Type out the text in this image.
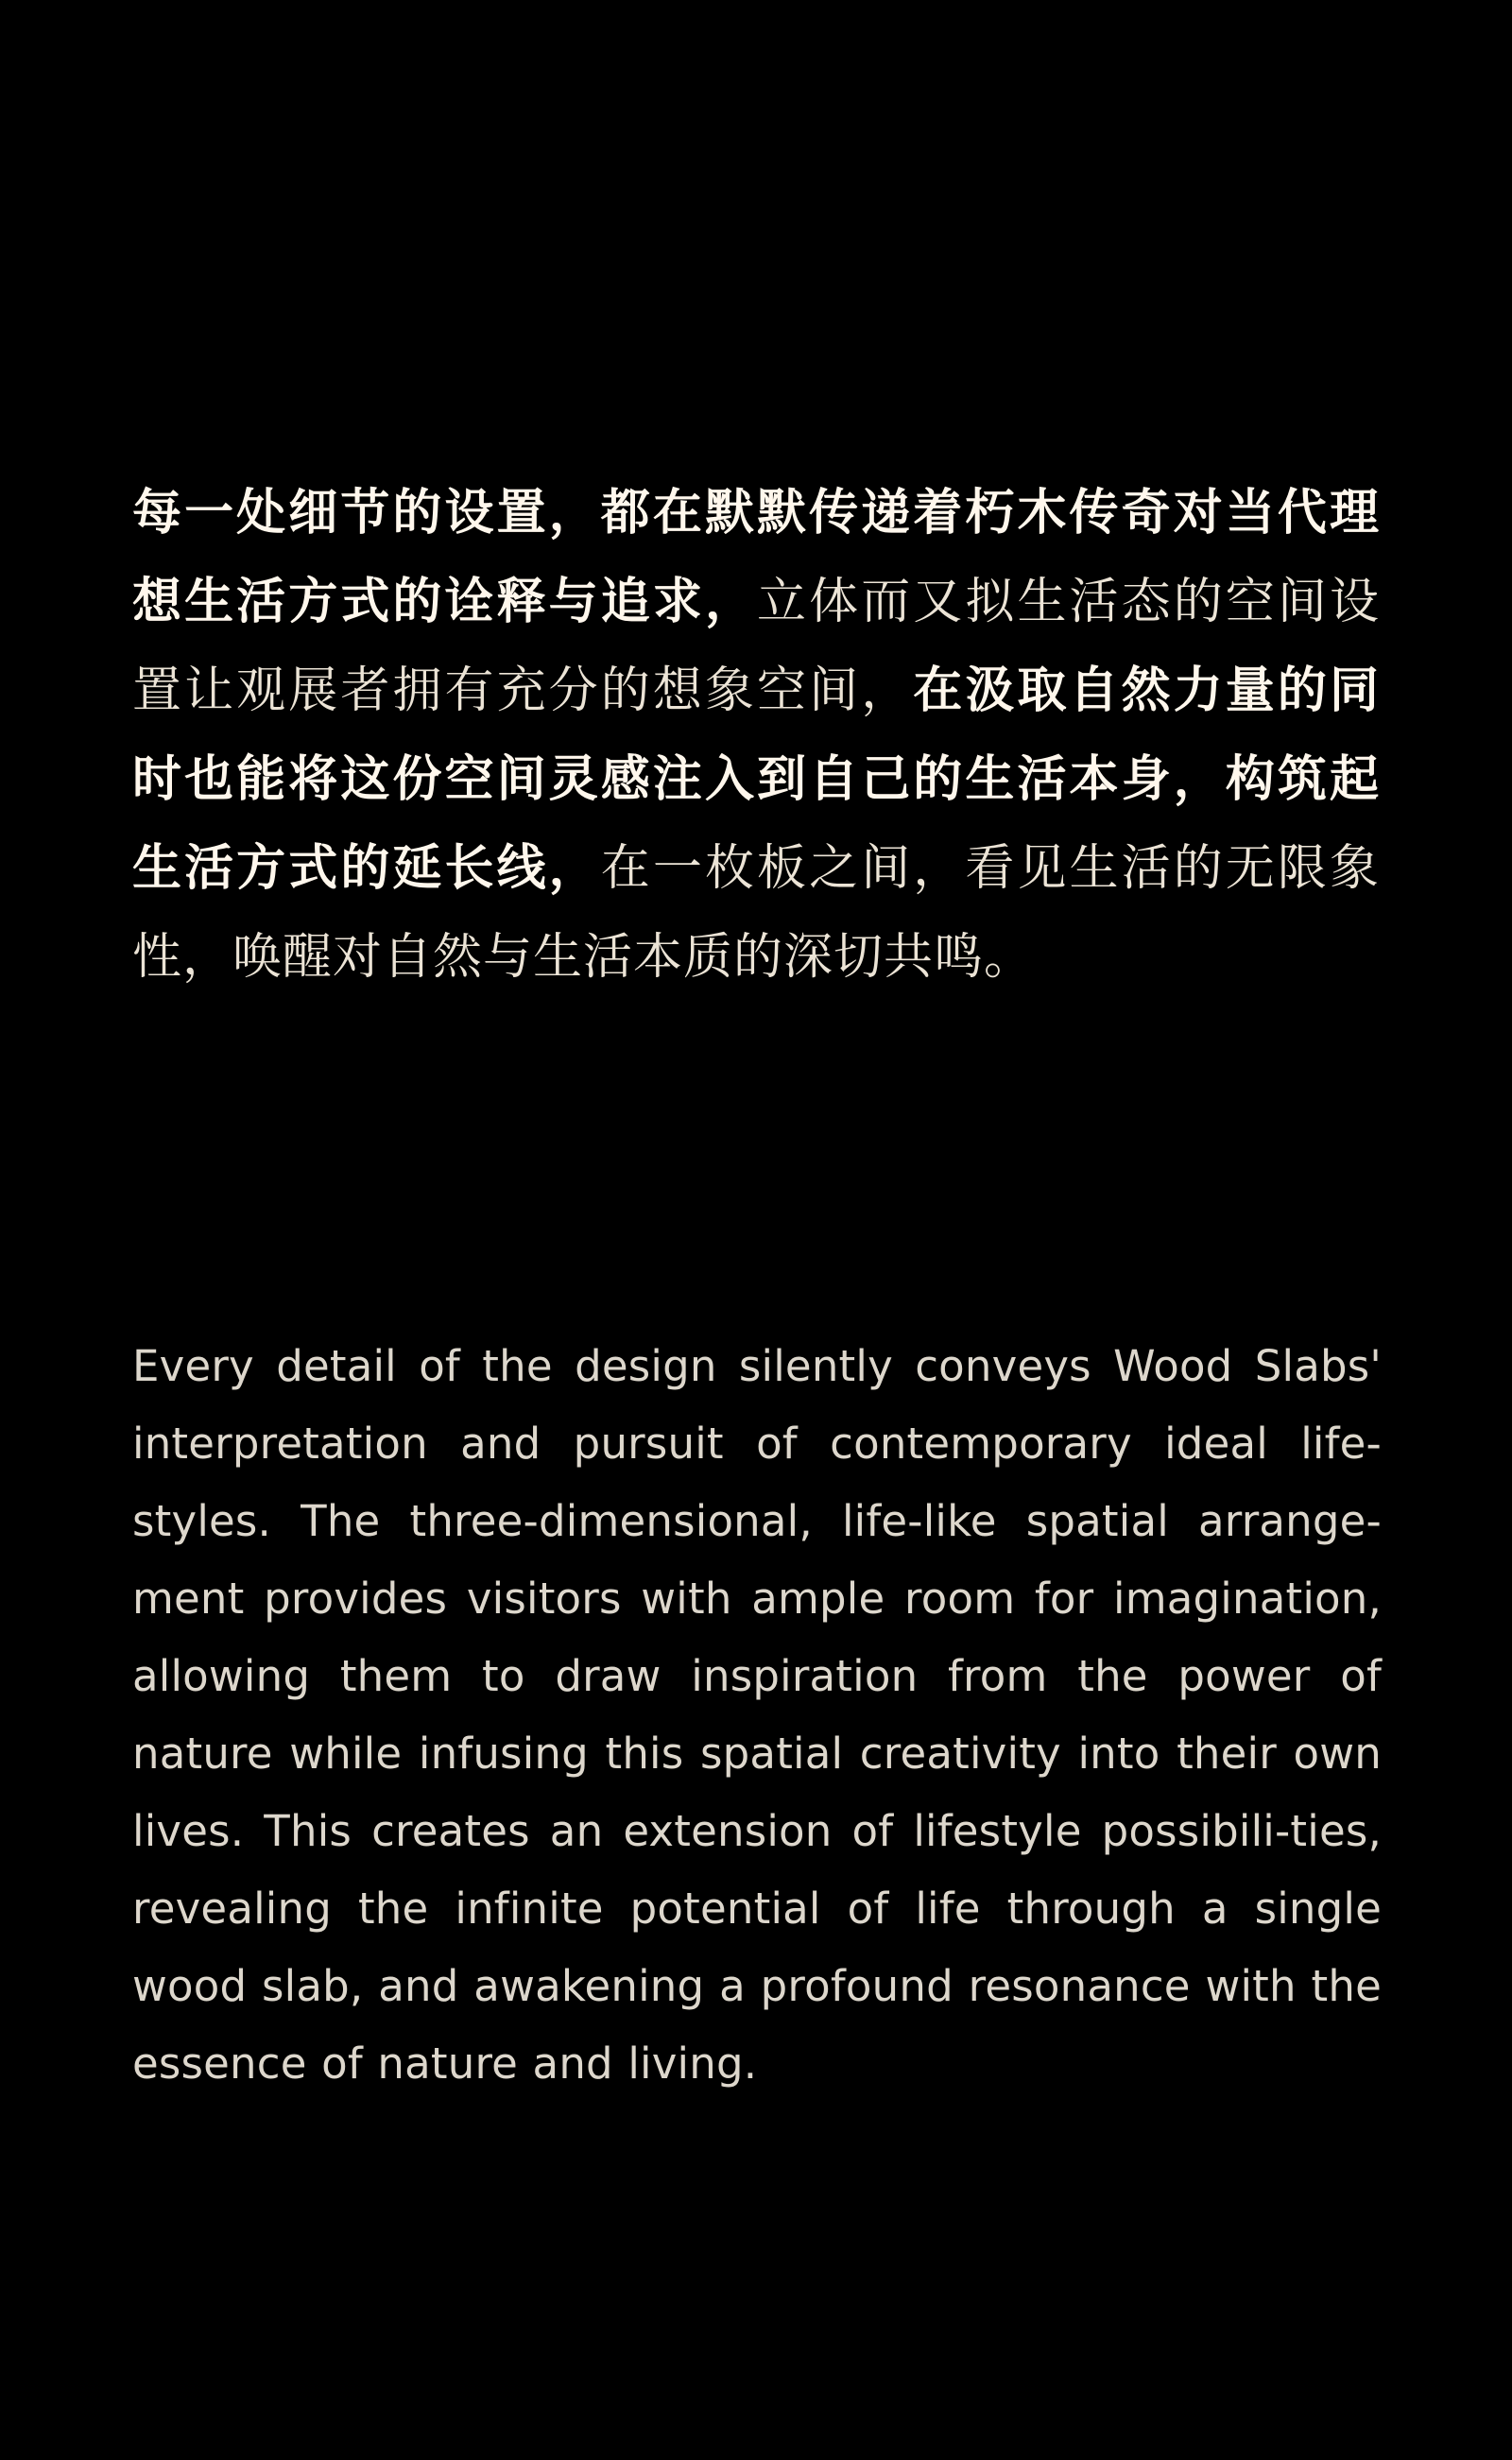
每一处细节的设置，都在默默传递着朽木传奇对当代理想生活方式的诠释与追求，立体而又拟生活态的空间设置让观展者拥有充分的想象空间，在汲取自然力量的同时也能将这份空间灵感注入到自己的生活本身，构筑起生活方式的延长线，在一枚板之间，看见生活的无限象性，唤醒对自然与生活本质的深切共鸣。
Every detail of the design silently conveys Wood Slabs' interpretation and pursuit of contemporary ideal life-styles. The three-dimensional, life-like spatial arrange-ment provides visitors with ample room for imagination, allowing them to draw inspiration from the power of nature while infusing this spatial creativity into their own lives. This creates an extension of lifestyle possibili-ties, revealing the infinite potential of life through a single wood slab, and awakening a profound resonance with the essence of nature and living.
